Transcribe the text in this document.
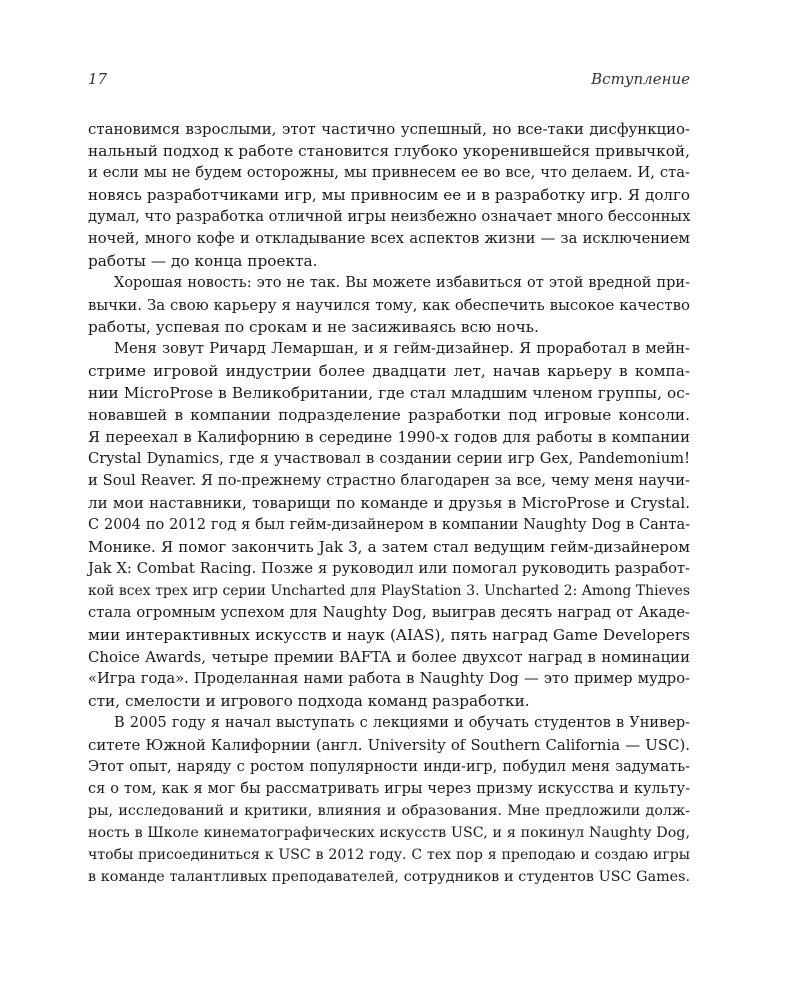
17	Вступление

становимся взрослыми, этот частично успешный, но все-таки дисфункцио-
нальный подход к работе становится глубоко укоренившейся привычкой,
и если мы не будем осторожны, мы привнесем ее во все, что делаем. И, ста-
новясь разработчиками игр, мы привносим ее и в разработку игр. Я долго
думал, что разработка отличной игры неизбежно означает много бессонных
ночей, много кофе и откладывание всех аспектов жизни — за исключением
работы — до конца проекта.

Хорошая новость: это не так. Вы можете избавиться от этой вредной при-
вычки. За свою карьеру я научился тому, как обеспечить высокое качество
работы, успевая по срокам и не засиживаясь всю ночь.

Меня зовут Ричард Лемаршан, и я гейм-дизайнер. Я проработал в мейн-
стриме игровой индустрии более двадцати лет, начав карьеру в компа-
нии MicroProse в Великобритании, где стал младшим членом группы, ос-
новавшей в компании подразделение разработки под игровые консоли.
Я переехал в Калифорнию в середине 1990-х годов для работы в компании
Crystal Dynamics, где я участвовал в создании серии игр Gex, Pandemonium!
и Soul Reaver. Я по-прежнему страстно благодарен за все, чему меня научи-
ли мои наставники, товарищи по команде и друзья в MicroProse и Crystal.
С 2004 по 2012 год я был гейм-дизайнером в компании Naughty Dog в Санта-
Монике. Я помог закончить Jak 3, а затем стал ведущим гейм-дизайнером
Jak X: Combat Racing. Позже я руководил или помогал руководить разработ-
кой всех трех игр серии Uncharted для PlayStation 3. Uncharted 2: Among Thieves
стала огромным успехом для Naughty Dog, выиграв десять наград от Акаде-
мии интерактивных искусств и наук (AIAS), пять наград Game Developers
Choice Awards, четыре премии BAFTA и более двухсот наград в номинации
«Игра года». Проделанная нами работа в Naughty Dog — это пример мудро-
сти, смелости и игрового подхода команд разработки.

В 2005 году я начал выступать с лекциями и обучать студентов в Универ-
ситете Южной Калифорнии (англ. University of Southern California — USC).
Этот опыт, наряду с ростом популярности инди-игр, побудил меня задумать-
ся о том, как я мог бы рассматривать игры через призму искусства и культу-
ры, исследований и критики, влияния и образования. Мне предложили долж-
ность в Школе кинематографических искусств USC, и я покинул Naughty Dog,
чтобы присоединиться к USC в 2012 году. С тех пор я преподаю и создаю игры
в команде талантливых преподавателей, сотрудников и студентов USC Games.
